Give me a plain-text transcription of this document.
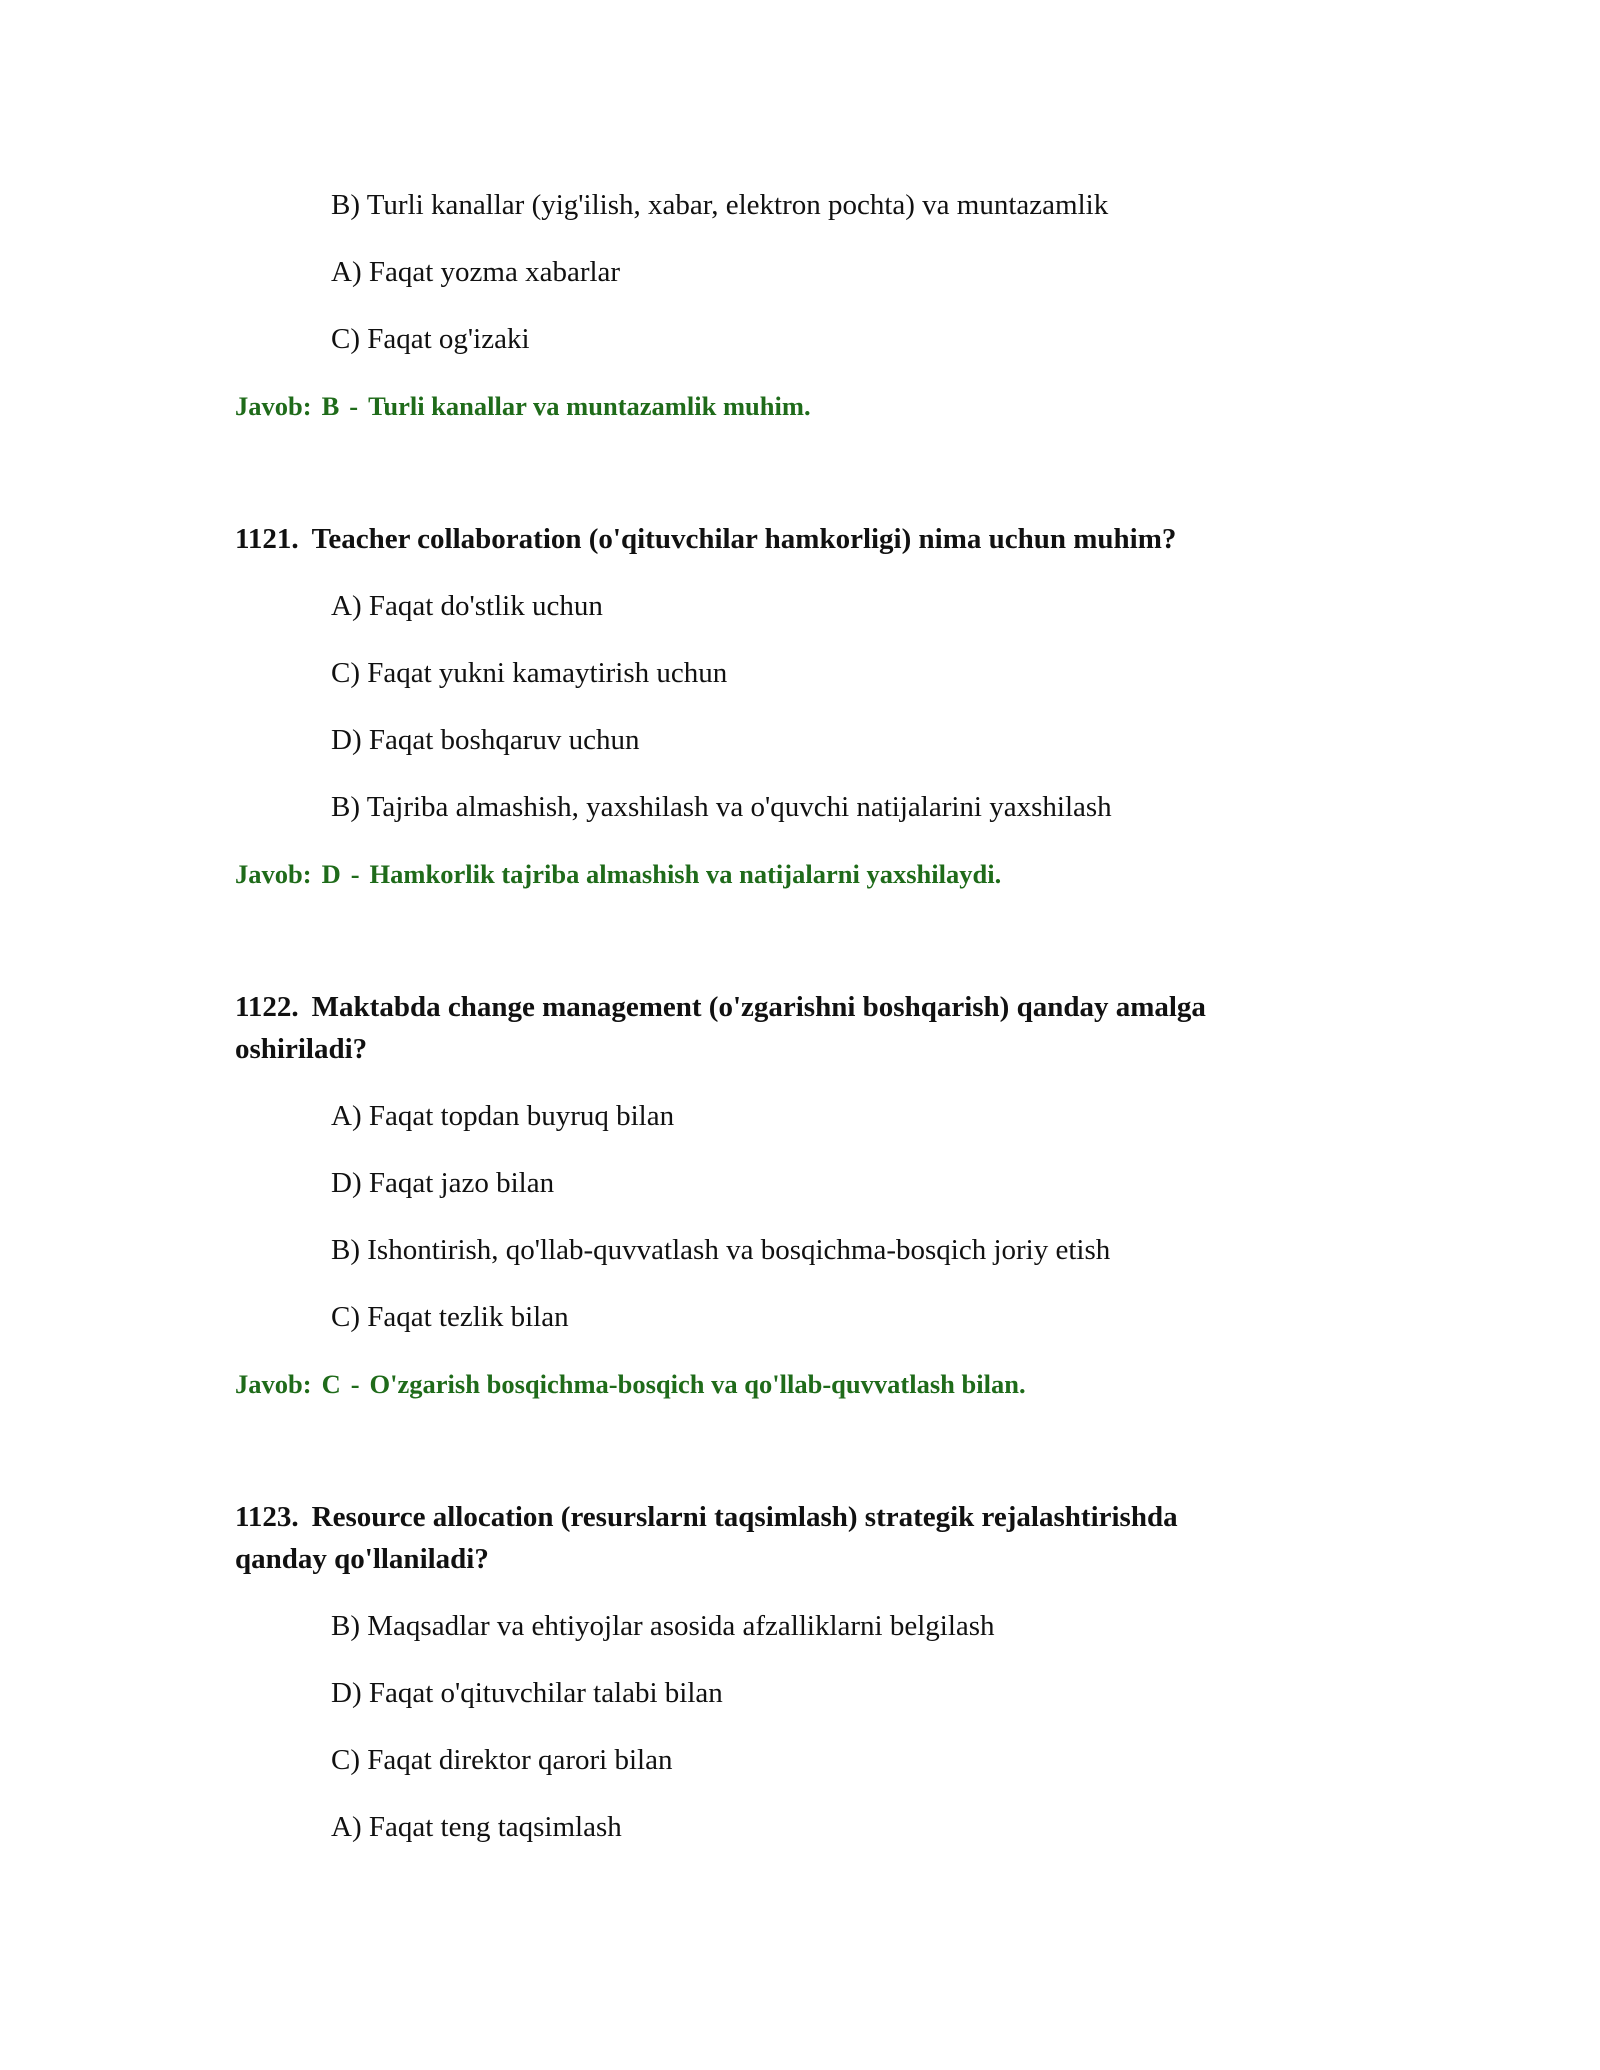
B) Turli kanallar (yig'ilish, xabar, elektron pochta) va muntazamlik
A) Faqat yozma xabarlar
C) Faqat og'izaki
Javob: B - Turli kanallar va muntazamlik muhim.
1121. Teacher collaboration (o'qituvchilar hamkorligi) nima uchun muhim?
A) Faqat do'stlik uchun
C) Faqat yukni kamaytirish uchun
D) Faqat boshqaruv uchun
B) Tajriba almashish, yaxshilash va o'quvchi natijalarini yaxshilash
Javob: D - Hamkorlik tajriba almashish va natijalarni yaxshilaydi.
1122. Maktabda change management (o'zgarishni boshqarish) qanday amalga
oshiriladi?
A) Faqat topdan buyruq bilan
D) Faqat jazo bilan
B) Ishontirish, qo'llab-quvvatlash va bosqichma-bosqich joriy etish
C) Faqat tezlik bilan
Javob: C - O'zgarish bosqichma-bosqich va qo'llab-quvvatlash bilan.
1123. Resource allocation (resurslarni taqsimlash) strategik rejalashtirishda
qanday qo'llaniladi?
B) Maqsadlar va ehtiyojlar asosida afzalliklarni belgilash
D) Faqat o'qituvchilar talabi bilan
C) Faqat direktor qarori bilan
A) Faqat teng taqsimlash
